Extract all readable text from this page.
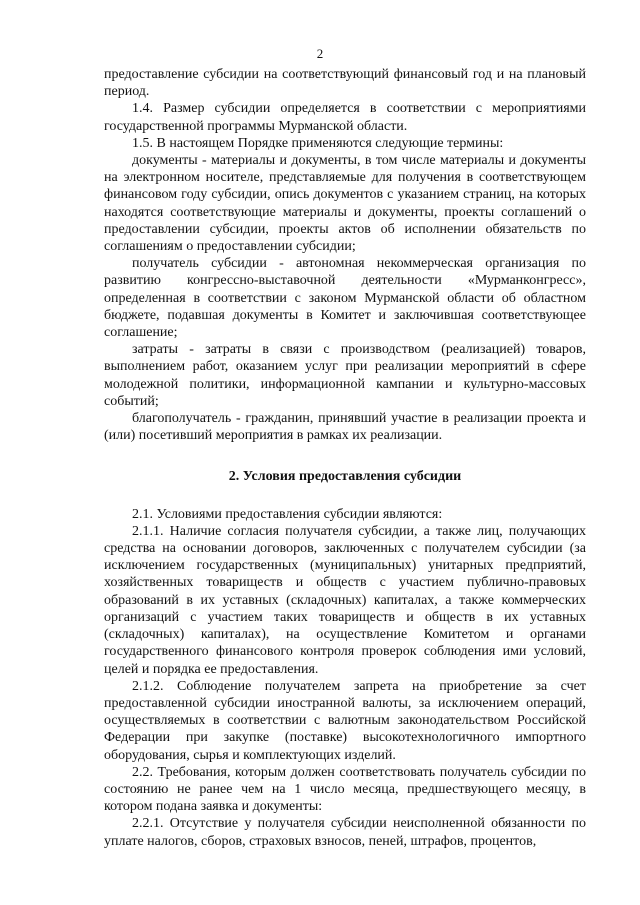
2

предоставление субсидии на соответствующий финансовый год и на плановый период.

1.4. Размер субсидии определяется в соответствии с мероприятиями государственной программы Мурманской области.

1.5. В настоящем Порядке применяются следующие термины:

документы - материалы и документы, в том числе материалы и документы на электронном носителе, представляемые для получения в соответствующем финансовом году субсидии, опись документов с указанием страниц, на которых находятся соответствующие материалы и документы, проекты соглашений о предоставлении субсидии, проекты актов об исполнении обязательств по соглашениям о предоставлении субсидии;

получатель субсидии - автономная некоммерческая организация по развитию конгрессно-выставочной деятельности «Мурманконгресс», определенная в соответствии с законом Мурманской области об областном бюджете, подавшая документы в Комитет и заключившая соответствующее соглашение;

затраты - затраты в связи с производством (реализацией) товаров, выполнением работ, оказанием услуг при реализации мероприятий в сфере молодежной политики, информационной кампании и культурно-массовых событий;

благополучатель - гражданин, принявший участие в реализации проекта и (или) посетивший мероприятия в рамках их реализации.

2. Условия предоставления субсидии

2.1. Условиями предоставления субсидии являются:

2.1.1. Наличие согласия получателя субсидии, а также лиц, получающих средства на основании договоров, заключенных с получателем субсидии (за исключением государственных (муниципальных) унитарных предприятий, хозяйственных товариществ и обществ с участием публично-правовых образований в их уставных (складочных) капиталах, а также коммерческих организаций с участием таких товариществ и обществ в их уставных (складочных) капиталах), на осуществление Комитетом и органами государственного финансового контроля проверок соблюдения ими условий, целей и порядка ее предоставления.

2.1.2. Соблюдение получателем запрета на приобретение за счет предоставленной субсидии иностранной валюты, за исключением операций, осуществляемых в соответствии с валютным законодательством Российской Федерации при закупке (поставке) высокотехнологичного импортного оборудования, сырья и комплектующих изделий.

2.2. Требования, которым должен соответствовать получатель субсидии по состоянию не ранее чем на 1 число месяца, предшествующего месяцу, в котором подана заявка и документы:

2.2.1. Отсутствие у получателя субсидии неисполненной обязанности по уплате налогов, сборов, страховых взносов, пеней, штрафов, процентов,
